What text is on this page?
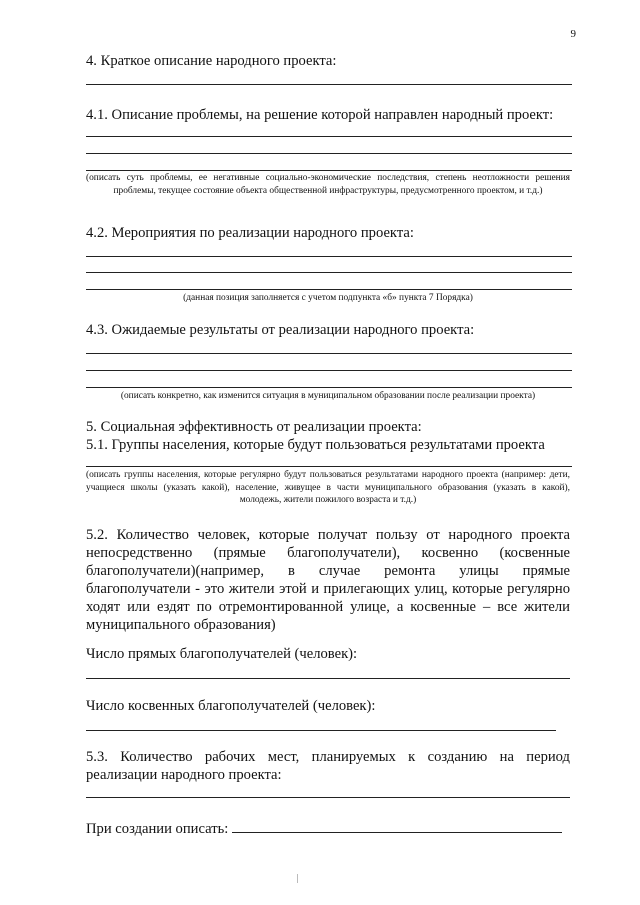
9
4. Краткое описание народного проекта:
4.1. Описание проблемы, на решение которой направлен народный проект:
(описать суть проблемы, ее негативные социально-экономические последствия, степень неотложности решения проблемы, текущее состояние объекта общественной инфраструктуры, предусмотренного проектом, и т.д.)
4.2. Мероприятия по реализации народного проекта:
(данная позиция заполняется с учетом подпункта «б» пункта 7 Порядка)
4.3. Ожидаемые результаты от реализации народного проекта:
(описать конкретно, как изменится ситуация в муниципальном образовании после реализации проекта)
5. Социальная эффективность от реализации проекта:
5.1. Группы населения, которые будут пользоваться результатами проекта
(описать группы населения, которые регулярно будут пользоваться результатами народного проекта (например: дети, учащиеся школы (указать какой), население, живущее в части муниципального образования (указать в какой), молодежь, жители пожилого возраста и т.д.)
5.2. Количество человек, которые получат пользу от народного проекта непосредственно (прямые благополучатели), косвенно (косвенные благополучатели)(например, в случае ремонта улицы прямые благополучатели - это жители этой и прилегающих улиц, которые регулярно ходят или ездят по отремонтированной улице, а косвенные – все жители муниципального образования)
Число прямых благополучателей (человек):
Число косвенных благополучателей (человек):
5.3. Количество рабочих мест, планируемых к созданию на период реализации народного проекта:
При создании описать:
